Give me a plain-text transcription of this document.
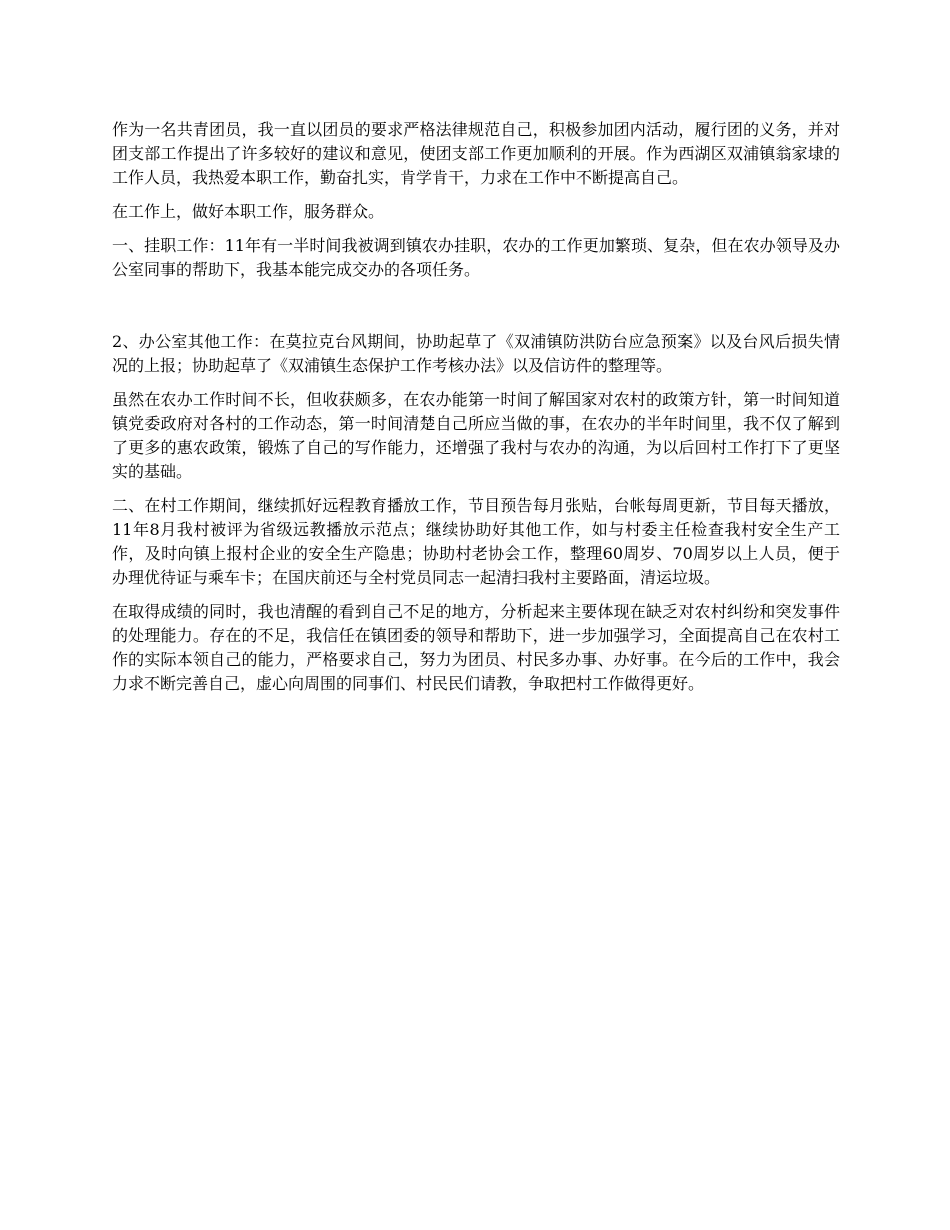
作为一名共青团员，我一直以团员的要求严格法律规范自己，积极参加团内活动，履行团的义务，并对团支部工作提出了许多较好的建议和意见，使团支部工作更加顺利的开展。作为西湖区双浦镇翁家埭的工作人员，我热爱本职工作，勤奋扎实，肯学肯干，力求在工作中不断提高自己。

在工作上，做好本职工作，服务群众。

一、挂职工作：11年有一半时间我被调到镇农办挂职，农办的工作更加繁琐、复杂，但在农办领导及办公室同事的帮助下，我基本能完成交办的各项任务。

2、办公室其他工作：在莫拉克台风期间，协助起草了《双浦镇防洪防台应急预案》以及台风后损失情况的上报；协助起草了《双浦镇生态保护工作考核办法》以及信访件的整理等。

虽然在农办工作时间不长，但收获颇多，在农办能第一时间了解国家对农村的政策方针，第一时间知道镇党委政府对各村的工作动态，第一时间清楚自己所应当做的事，在农办的半年时间里，我不仅了解到了更多的惠农政策，锻炼了自己的写作能力，还增强了我村与农办的沟通，为以后回村工作打下了更坚实的基础。

二、在村工作期间，继续抓好远程教育播放工作，节目预告每月张贴，台帐每周更新，节目每天播放，11年8月我村被评为省级远教播放示范点；继续协助好其他工作，如与村委主任检查我村安全生产工作，及时向镇上报村企业的安全生产隐患；协助村老协会工作，整理60周岁、70周岁以上人员，便于办理优待证与乘车卡；在国庆前还与全村党员同志一起清扫我村主要路面，清运垃圾。

在取得成绩的同时，我也清醒的看到自己不足的地方，分析起来主要体现在缺乏对农村纠纷和突发事件的处理能力。存在的不足，我信任在镇团委的领导和帮助下，进一步加强学习，全面提高自己在农村工作的实际本领自己的能力，严格要求自己，努力为团员、村民多办事、办好事。在今后的工作中，我会力求不断完善自己，虚心向周围的同事们、村民民们请教，争取把村工作做得更好。
